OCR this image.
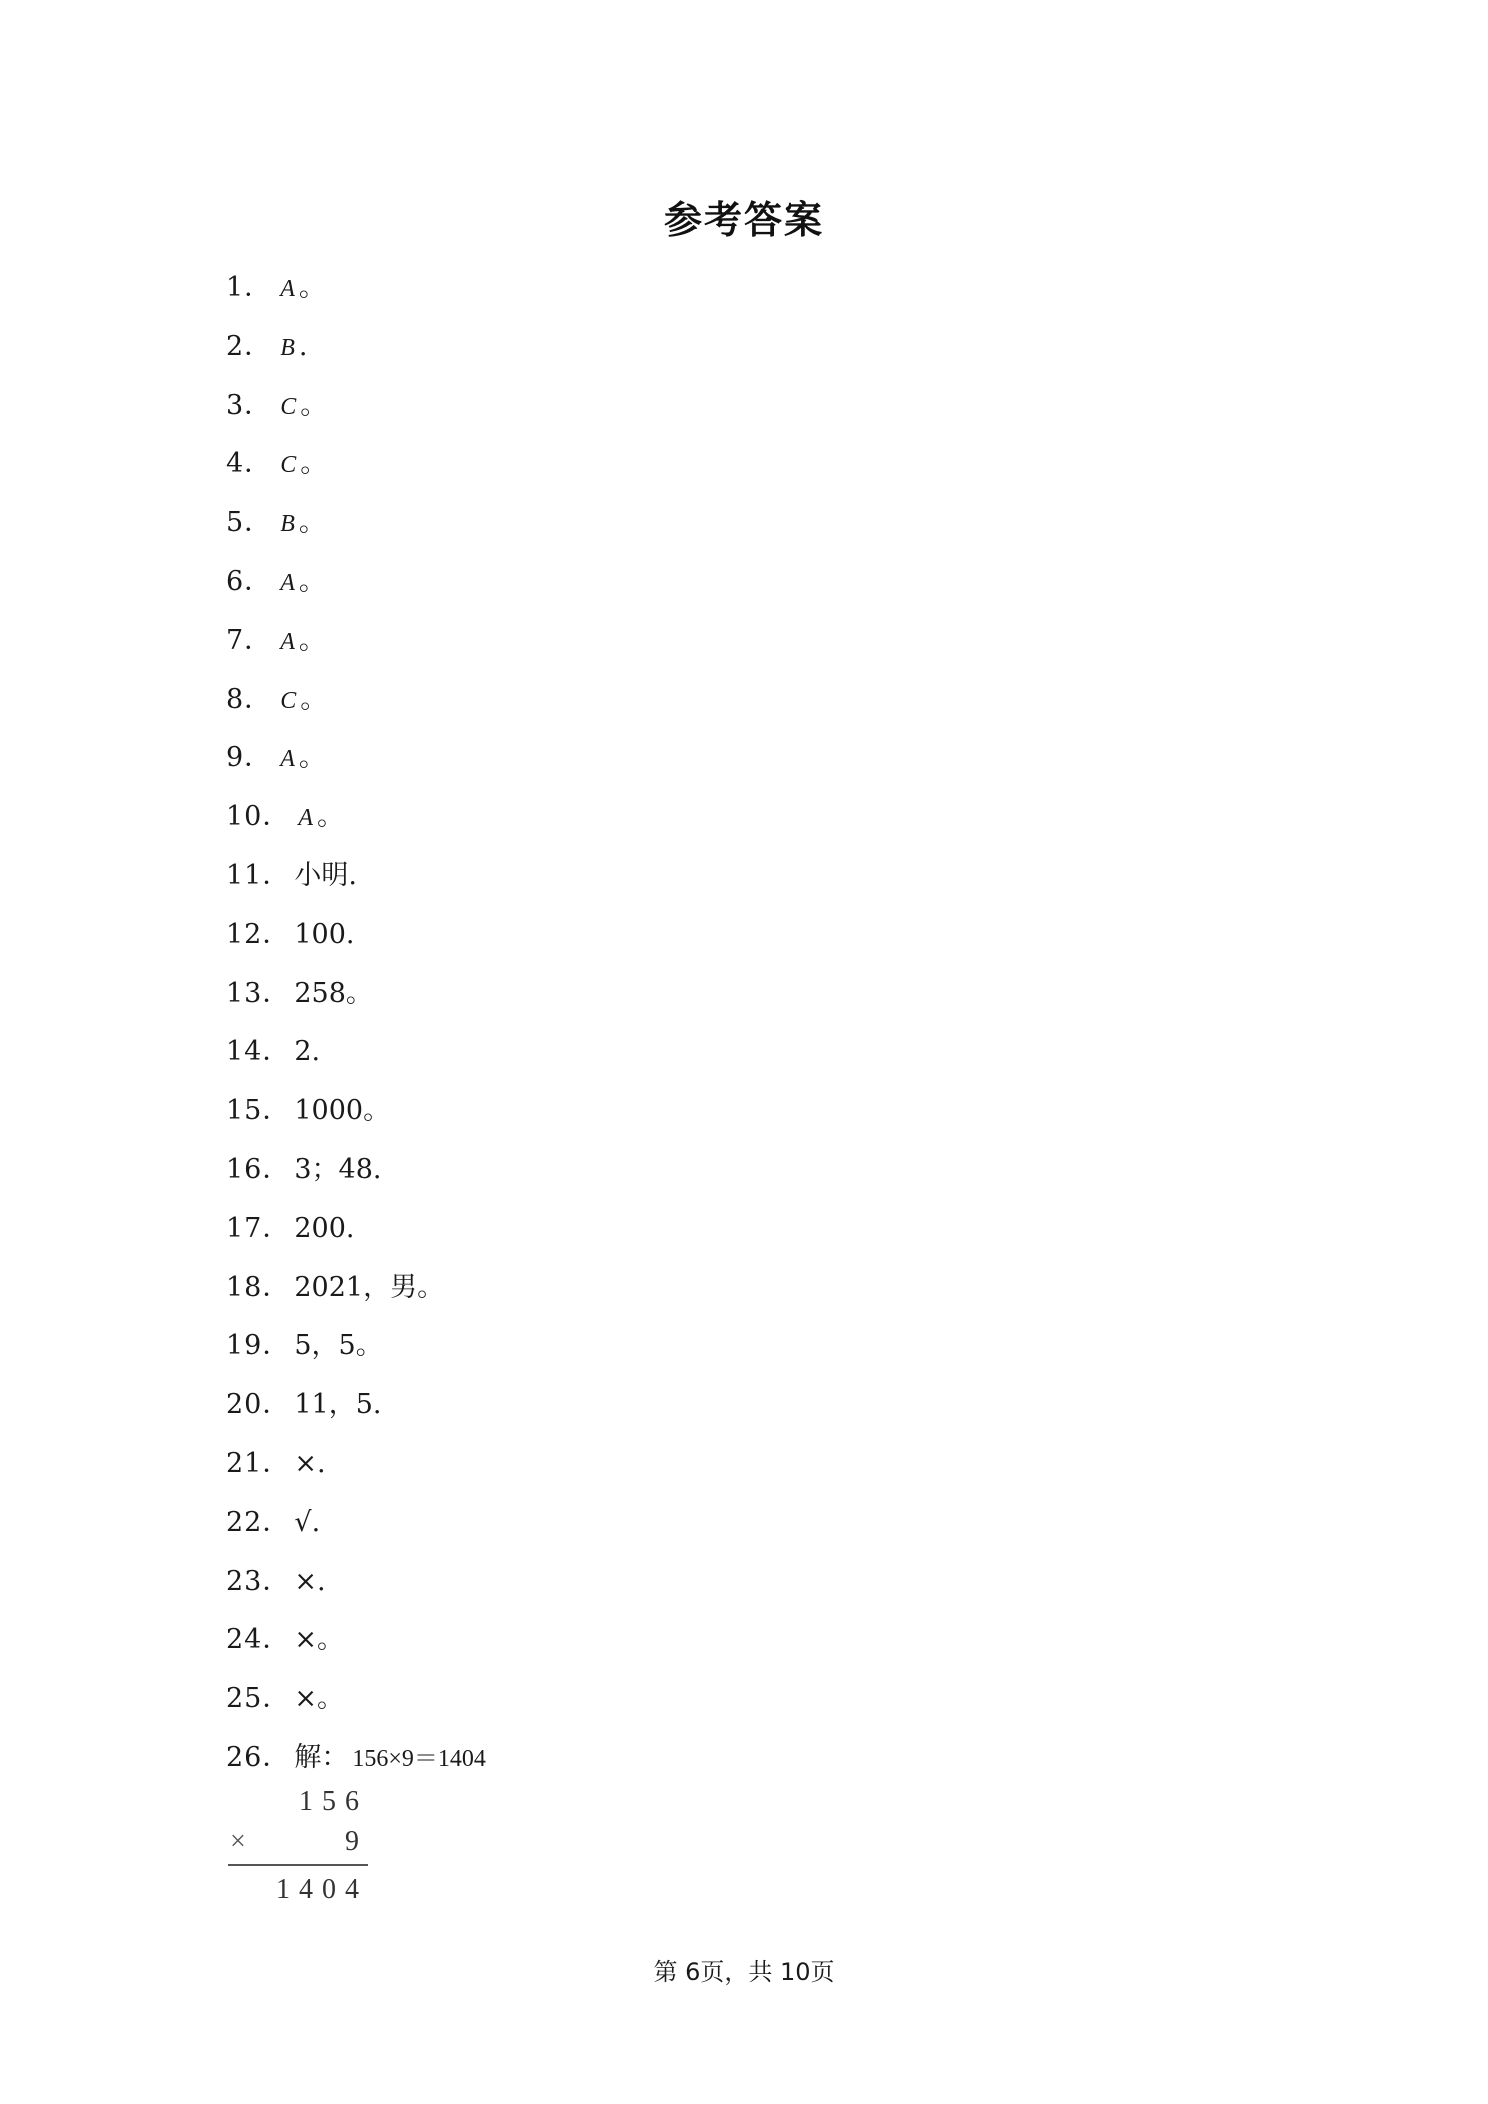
参考答案
1． A 。
2． B .
3． C 。
4． C 。
5． B 。
6． A 。
7． A 。
8． C 。
9． A 。
10． A 。
11． 小明.
12． 100.
13． 258。
14． 2.
15． 1000。
16． 3；48.
17． 200.
18． 2021，男。
19． 5，5。
20． 11，5.
21． ×.
22． √.
23． ×.
24． ×。
25． ×。
26． 解： 156×9＝1404
156
×	9
1404
第 6页，共 10页
